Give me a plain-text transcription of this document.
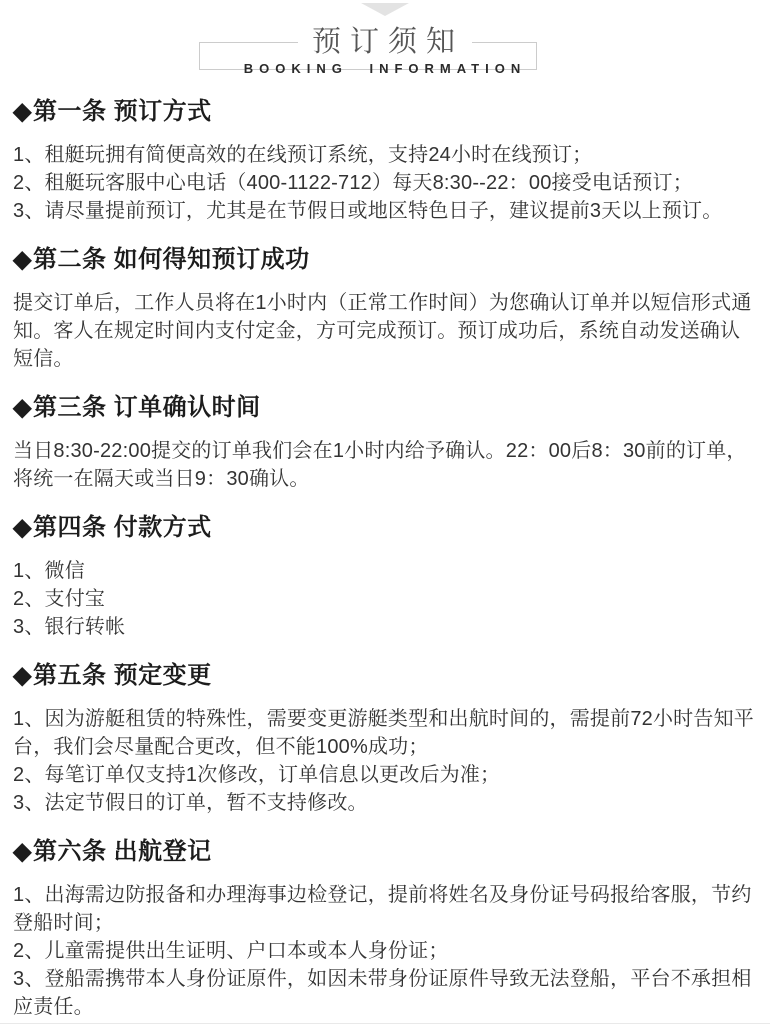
预订须知
BOOKING INFORMATION
◆第一条 预订方式
1、租艇玩拥有简便高效的在线预订系统，支持24小时在线预订；
2、租艇玩客服中心电话（400-1122-712）每天8:30--22：00接受电话预订；
3、请尽量提前预订，尤其是在节假日或地区特色日子，建议提前3天以上预订。
◆第二条 如何得知预订成功

提交订单后，工作人员将在1小时内（正常工作时间）为您确认订单并以短信形式通知。客人在规定时间内支付定金，方可完成预订。预订成功后，系统自动发送确认短信。

◆第三条 订单确认时间

当日8:30-22:00提交的订单我们会在1小时内给予确认。22：00后8：30前的订单，将统一在隔天或当日9：30确认。

◆第四条 付款方式
1、微信
2、支付宝
3、银行转帐
◆第五条 预定变更
1、因为游艇租赁的特殊性，需要变更游艇类型和出航时间的，需提前72小时告知平台，我们会尽量配合更改，但不能100%成功；
2、每笔订单仅支持1次修改，订单信息以更改后为准；
3、法定节假日的订单，暂不支持修改。
◆第六条 出航登记
1、出海需边防报备和办理海事边检登记，提前将姓名及身份证号码报给客服，节约登船时间；
2、儿童需提供出生证明、户口本或本人身份证；
3、登船需携带本人身份证原件，如因未带身份证原件导致无法登船，平台不承担相应责任。
